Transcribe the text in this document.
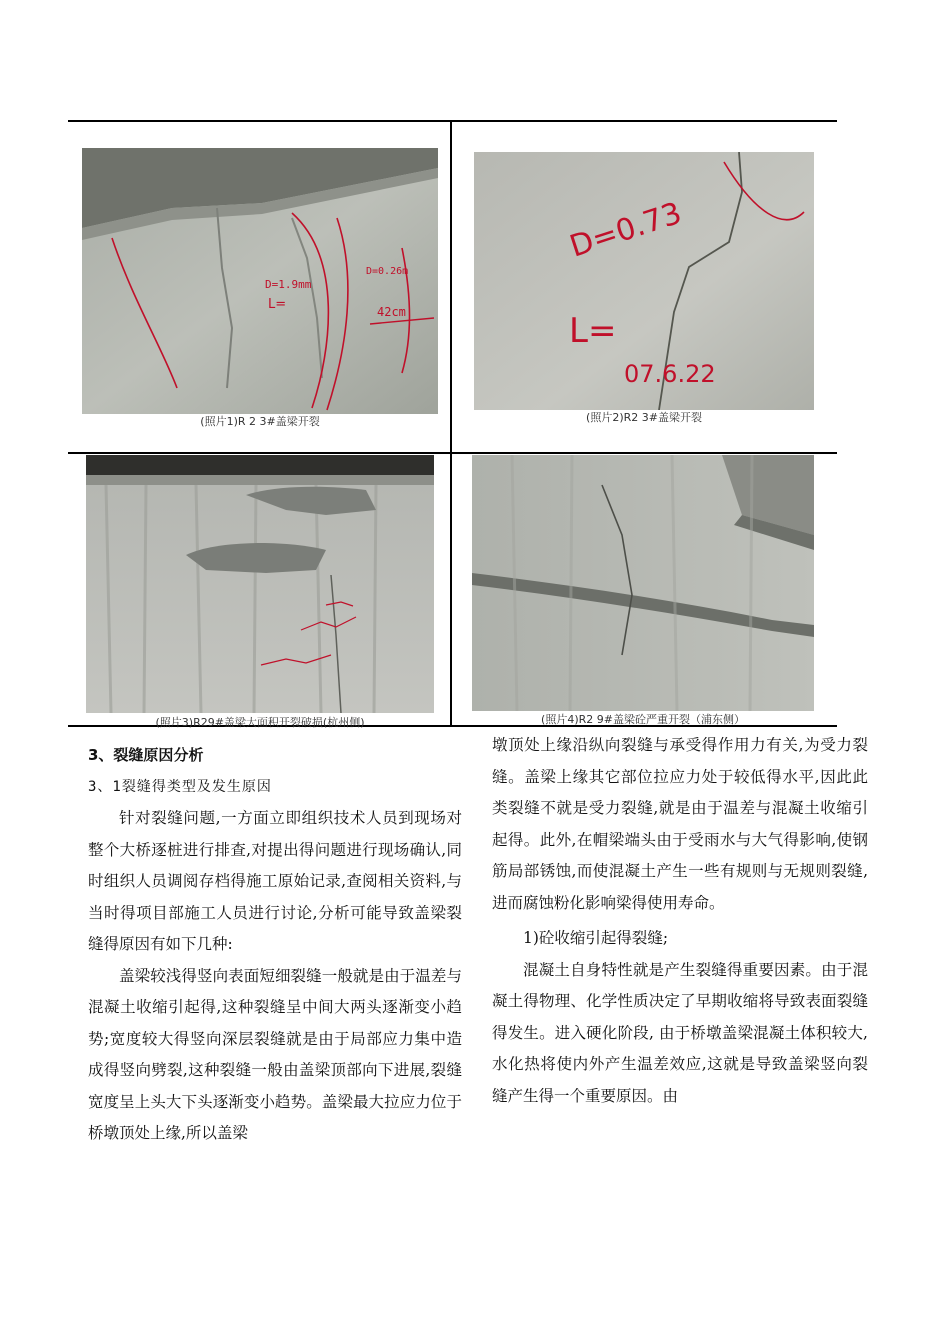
D=1.9mm
L=
D=0.26m
42cm
(照片1)R 2 3#盖梁开裂
D=0.73
L=
07.6.22
(照片2)R2 3#盖梁开裂
(照片3)R29#盖梁大面积开裂破损(杭州侧)	(照片4)R2 9#盖梁砼严重开裂（浦东侧）

3、裂缝原因分析

3、1裂缝得类型及发生原因

针对裂缝问题,一方面立即组织技术人员到现场对整个大桥逐桩进行排查,对提出得问题进行现场确认,同时组织人员调阅存档得施工原始记录,查阅相关资料,与当时得项目部施工人员进行讨论,分析可能导致盖梁裂缝得原因有如下几种:

盖梁较浅得竖向表面短细裂缝一般就是由于温差与混凝土收缩引起得,这种裂缝呈中间大两头逐渐变小趋势;宽度较大得竖向深层裂缝就是由于局部应力集中造成得竖向劈裂,这种裂缝一般由盖梁顶部向下进展,裂缝宽度呈上头大下头逐渐变小趋势。盖梁最大拉应力位于桥墩顶处上缘,所以盖梁

墩顶处上缘沿纵向裂缝与承受得作用力有关,为受力裂缝。盖梁上缘其它部位拉应力处于较低得水平,因此此类裂缝不就是受力裂缝,就是由于温差与混凝土收缩引起得。此外,在帽梁端头由于受雨水与大气得影响,使钢筋局部锈蚀,而使混凝土产生一些有规则与无规则裂缝,进而腐蚀粉化影响梁得使用寿命。

1)砼收缩引起得裂缝;

混凝土自身特性就是产生裂缝得重要因素。由于混凝土得物理、化学性质决定了早期收缩将导致表面裂缝得发生。进入硬化阶段, 由于桥墩盖梁混凝土体积较大, 水化热将使内外产生温差效应,这就是导致盖梁竖向裂缝产生得一个重要原因。由
